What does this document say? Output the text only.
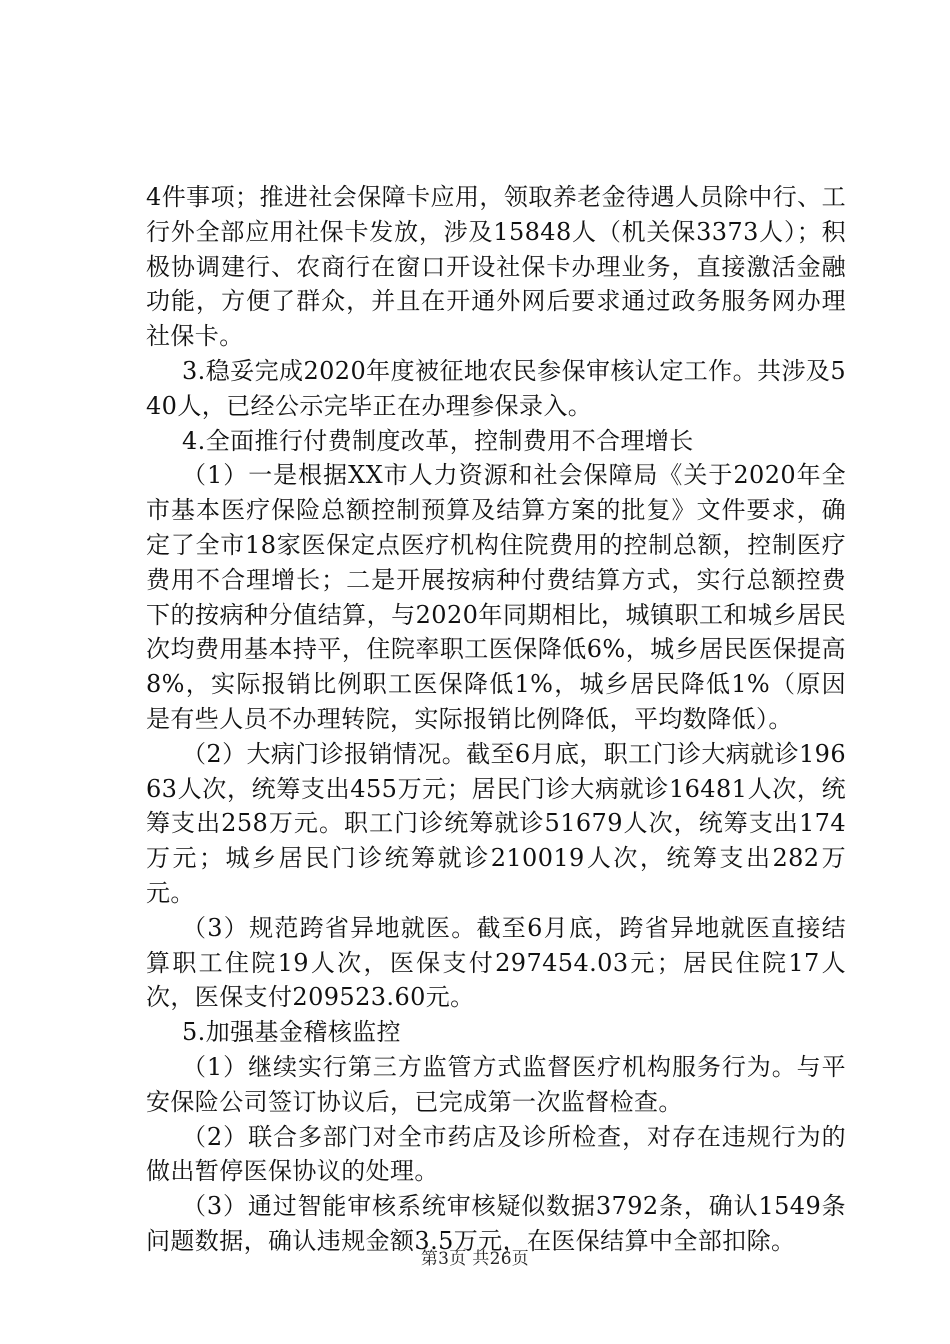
4件事项；推进社会保障卡应用，领取养老金待遇人员除中行、工行外全部应用社保卡发放，涉及15848人（机关保3373人）；积极协调建行、农商行在窗口开设社保卡办理业务，直接激活金融功能，方便了群众，并且在开通外网后要求通过政务服务网办理社保卡。

3.稳妥完成2020年度被征地农民参保审核认定工作。共涉及540人，已经公示完毕正在办理参保录入。

4.全面推行付费制度改革，控制费用不合理增长

（1）一是根据XX市人力资源和社会保障局《关于2020年全市基本医疗保险总额控制预算及结算方案的批复》文件要求，确定了全市18家医保定点医疗机构住院费用的控制总额，控制医疗费用不合理增长；二是开展按病种付费结算方式，实行总额控费下的按病种分值结算，与2020年同期相比，城镇职工和城乡居民次均费用基本持平，住院率职工医保降低6%，城乡居民医保提高8%，实际报销比例职工医保降低1%，城乡居民降低1%（原因是有些人员不办理转院，实际报销比例降低，平均数降低）。

（2）大病门诊报销情况。截至6月底，职工门诊大病就诊19663人次，统筹支出455万元；居民门诊大病就诊16481人次，统筹支出258万元。职工门诊统筹就诊51679人次，统筹支出174万元；城乡居民门诊统筹就诊210019人次，统筹支出282万元。

（3）规范跨省异地就医。截至6月底，跨省异地就医直接结算职工住院19人次，医保支付297454.03元；居民住院17人次，医保支付209523.60元。

5.加强基金稽核监控

（1）继续实行第三方监管方式监督医疗机构服务行为。与平安保险公司签订协议后，已完成第一次监督检查。

（2）联合多部门对全市药店及诊所检查，对存在违规行为的做出暂停医保协议的处理。

（3）通过智能审核系统审核疑似数据3792条，确认1549条问题数据，确认违规金额3.5万元，在医保结算中全部扣除。

第3页 共26页
